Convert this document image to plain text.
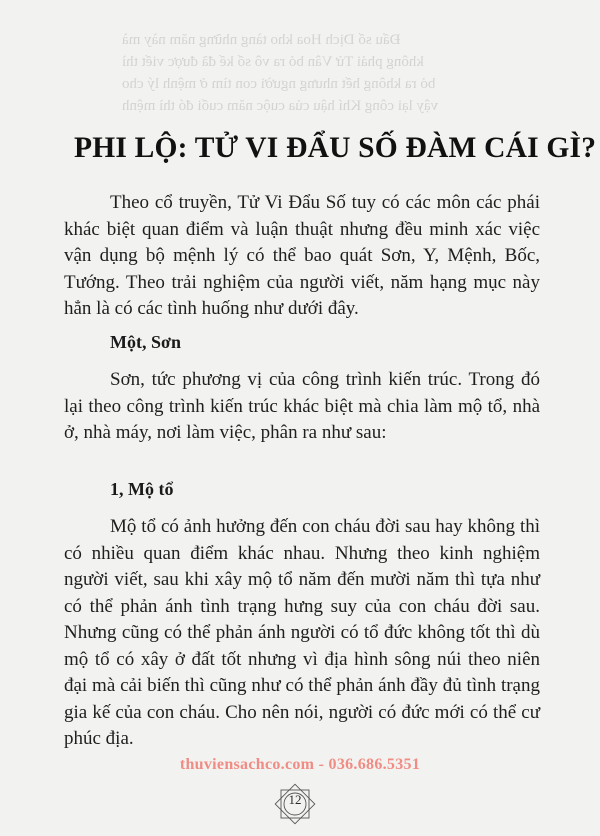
Đẩu số Dịch Hoa kho tàng những năm này mà
không phải Tử Vân bỏ ra vô số kế đã được viết thì
bỏ ra không hết nhưng người con tìm ở mệnh lý cho
vậy lại công Khí hậu của cuộc năm cuối đó thì mệnh
PHI LỘ: TỬ VI ĐẨU SỐ ĐÀM CÁI GÌ?

Theo cổ truyền, Tử Vi Đẩu Số tuy có các môn các phái khác biệt quan điểm và luận thuật nhưng đều minh xác việc vận dụng bộ mệnh lý có thể bao quát Sơn, Y, Mệnh, Bốc, Tướng. Theo trải nghiệm của người viết, năm hạng mục này hẳn là có các tình huống như dưới đây.

Một, Sơn

Sơn, tức phương vị của công trình kiến trúc. Trong đó lại theo công trình kiến trúc khác biệt mà chia làm mộ tổ, nhà ở, nhà máy, nơi làm việc, phân ra như sau:

1, Mộ tổ

Mộ tổ có ảnh hưởng đến con cháu đời sau hay không thì có nhiều quan điểm khác nhau. Nhưng theo kinh nghiệm người viết, sau khi xây mộ tổ năm đến mười năm thì tựa như có thể phản ánh tình trạng hưng suy của con cháu đời sau. Nhưng cũng có thể phản ánh người có tổ đức không tốt thì dù mộ tổ có xây ở đất tốt nhưng vì địa hình sông núi theo niên đại mà cải biến thì cũng như có thể phản ánh đầy đủ tình trạng gia kế của con cháu. Cho nên nói, người có đức mới có thể cư phúc địa.

thuviensachco.com - 036.686.5351
12
